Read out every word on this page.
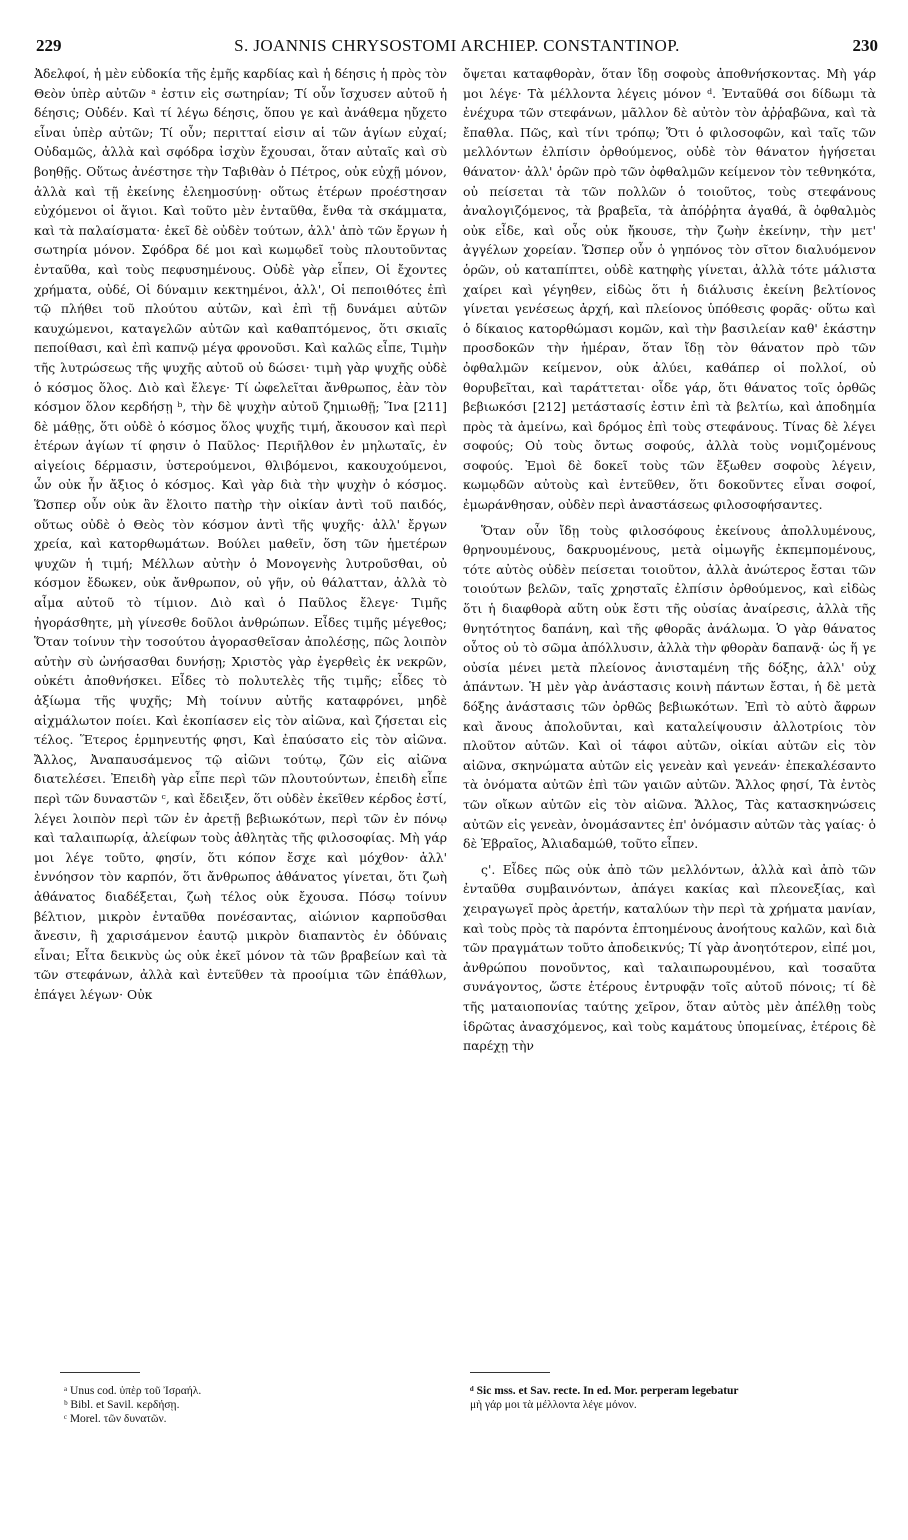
229	S. JOANNIS CHRYSOSTOMI ARCHIEP. CONSTANTINOP.	230

Ἀδελφοί, ἡ μὲν εὐδοκία τῆς ἐμῆς καρδίας καὶ ἡ δέησις ἡ πρὸς τὸν Θεὸν ὑπὲρ αὐτῶν ᵃ ἐστιν εἰς σωτηρίαν; Τί οὖν ἴσχυσεν αὐτοῦ ἡ δέησις; Οὐδέν. Καὶ τί λέγω δέησις, ὅπου γε καὶ ἀνάθεμα ηὔχετο εἶναι ὑπὲρ αὐτῶν; Τί οὖν; περιτταί εἰσιν αἱ τῶν ἁγίων εὐχαί; Οὐδαμῶς, ἀλλὰ καὶ σφόδρα ἰσχὺν ἔχουσαι, ὅταν αὐταῖς καὶ σὺ βοηθῇς. Οὕτως ἀνέστησε τὴν Ταβιθὰν ὁ Πέτρος, οὐκ εὐχῇ μόνον, ἀλλὰ καὶ τῇ ἐκείνης ἐλεημοσύνῃ· οὕτως ἑτέρων προέστησαν εὐχόμενοι οἱ ἅγιοι. Καὶ τοῦτο μὲν ἐνταῦθα, ἔνθα τὰ σκάμματα, καὶ τὰ παλαίσματα· ἐκεῖ δὲ οὐδὲν τούτων, ἀλλ' ἀπὸ τῶν ἔργων ἡ σωτηρία μόνον. Σφόδρα δέ μοι καὶ κωμῳδεῖ τοὺς πλουτοῦντας ἐνταῦθα, καὶ τοὺς πεφυσημένους. Οὐδὲ γὰρ εἶπεν, Οἱ ἔχοντες χρήματα, οὐδέ, Οἱ δύναμιν κεκτημένοι, ἀλλ', Οἱ πεποιθότες ἐπὶ τῷ πλήθει τοῦ πλούτου αὐτῶν, καὶ ἐπὶ τῇ δυνάμει αὐτῶν καυχώμενοι, καταγελῶν αὐτῶν καὶ καθαπτόμενος, ὅτι σκιαῖς πεποίθασι, καὶ ἐπὶ καπνῷ μέγα φρονοῦσι. Καὶ καλῶς εἶπε, Τιμὴν τῆς λυτρώσεως τῆς ψυχῆς αὐτοῦ οὐ δώσει· τιμὴ γὰρ ψυχῆς οὐδὲ ὁ κόσμος ὅλος. Διὸ καὶ ἔλεγε· Τί ὠφελεῖται ἄνθρωπος, ἐὰν τὸν κόσμον ὅλον κερδήσῃ ᵇ, τὴν δὲ ψυχὴν αὐτοῦ ζημιωθῇ; Ἵνα [211] δὲ μάθῃς, ὅτι οὐδὲ ὁ κόσμος ὅλος ψυχῆς τιμή, ἄκουσον καὶ περὶ ἑτέρων ἁγίων τί φησιν ὁ Παῦλος· Περιῆλθον ἐν μηλωταῖς, ἐν αἰγείοις δέρμασιν, ὑστερούμενοι, θλιβόμενοι, κακουχούμενοι, ὧν οὐκ ἦν ἄξιος ὁ κόσμος. Καὶ γὰρ διὰ τὴν ψυχὴν ὁ κόσμος. Ὥσπερ οὖν οὐκ ἂν ἕλοιτο πατὴρ τὴν οἰκίαν ἀντὶ τοῦ παιδός, οὕτως οὐδὲ ὁ Θεὸς τὸν κόσμον ἀντὶ τῆς ψυχῆς· ἀλλ' ἔργων χρεία, καὶ κατορθωμάτων. Βούλει μαθεῖν, ὅση τῶν ἡμετέρων ψυχῶν ἡ τιμή; Μέλλων αὐτὴν ὁ Μονογενὴς λυτροῦσθαι, οὐ κόσμον ἔδωκεν, οὐκ ἄνθρωπον, οὐ γῆν, οὐ θάλατταν, ἀλλὰ τὸ αἷμα αὐτοῦ τὸ τίμιον. Διὸ καὶ ὁ Παῦλος ἔλεγε· Τιμῆς ἠγοράσθητε, μὴ γίνεσθε δοῦλοι ἀνθρώπων. Εἶδες τιμῆς μέγεθος; Ὅταν τοίνυν τὴν τοσούτου ἀγορασθεῖσαν ἀπολέσῃς, πῶς λοιπὸν αὐτὴν σὺ ὠνήσασθαι δυνήσῃ; Χριστὸς γὰρ ἐγερθεὶς ἐκ νεκρῶν, οὐκέτι ἀποθνήσκει. Εἶδες τὸ πολυτελὲς τῆς τιμῆς; εἶδες τὸ ἀξίωμα τῆς ψυχῆς; Μὴ τοίνυν αὐτῆς καταφρόνει, μηδὲ αἰχμάλωτον ποίει. Καὶ ἐκοπίασεν εἰς τὸν αἰῶνα, καὶ ζήσεται εἰς τέλος. Ἕτερος ἑρμηνευτής φησι, Καὶ ἐπαύσατο εἰς τὸν αἰῶνα. Ἄλλος, Ἀναπαυσάμενος τῷ αἰῶνι τούτῳ, ζῶν εἰς αἰῶνα διατελέσει. Ἐπειδὴ γὰρ εἶπε περὶ τῶν πλουτούντων, ἐπειδὴ εἶπε περὶ τῶν δυναστῶν ᶜ, καὶ ἔδειξεν, ὅτι οὐδὲν ἐκεῖθεν κέρδος ἐστί, λέγει λοιπὸν περὶ τῶν ἐν ἀρετῇ βεβιωκότων, περὶ τῶν ἐν πόνῳ καὶ ταλαιπωρίᾳ, ἀλείφων τοὺς ἀθλητὰς τῆς φιλοσοφίας. Μὴ γάρ μοι λέγε τοῦτο, φησίν, ὅτι κόπον ἔσχε καὶ μόχθον· ἀλλ' ἐννόησον τὸν καρπόν, ὅτι ἄνθρωπος ἀθάνατος γίνεται, ὅτι ζωὴ ἀθάνατος διαδέξεται, ζωὴ τέλος οὐκ ἔχουσα. Πόσῳ τοίνυν βέλτιον, μικρὸν ἐνταῦθα πονέσαντας, αἰώνιον καρποῦσθαι ἄνεσιν, ἢ χαρισάμενον ἑαυτῷ μικρὸν διαπαντὸς ἐν ὀδύναις εἶναι; Εἶτα δεικνὺς ὡς οὐκ ἐκεῖ μόνον τὰ τῶν βραβείων καὶ τὰ τῶν στεφάνων, ἀλλὰ καὶ ἐντεῦθεν τὰ προοίμια τῶν ἐπάθλων, ἐπάγει λέγων· Οὐκ

ὄψεται καταφθορὰν, ὅταν ἴδῃ σοφοὺς ἀποθνήσκοντας. Μὴ γάρ μοι λέγε· Τὰ μέλλοντα λέγεις μόνον ᵈ. Ἐνταῦθά σοι δίδωμι τὰ ἐνέχυρα τῶν στεφάνων, μᾶλλον δὲ αὐτὸν τὸν ἀῤῥαβῶνα, καὶ τὰ ἔπαθλα. Πῶς, καὶ τίνι τρόπῳ; Ὅτι ὁ φιλοσοφῶν, καὶ ταῖς τῶν μελλόντων ἐλπίσιν ὀρθούμενος, οὐδὲ τὸν θάνατον ἡγήσεται θάνατον· ἀλλ' ὁρῶν πρὸ τῶν ὀφθαλμῶν κείμενον τὸν τεθνηκότα, οὐ πείσεται τὰ τῶν πολλῶν ὁ τοιοῦτος, τοὺς στεφάνους ἀναλογιζόμενος, τὰ βραβεῖα, τὰ ἀπόῤῥητα ἀγαθά, ἃ ὀφθαλμὸς οὐκ εἶδε, καὶ οὖς οὐκ ἤκουσε, τὴν ζωὴν ἐκείνην, τὴν μετ' ἀγγέλων χορείαν. Ὥσπερ οὖν ὁ γηπόνος τὸν σῖτον διαλυόμενον ὁρῶν, οὐ καταπίπτει, οὐδὲ κατηφὴς γίνεται, ἀλλὰ τότε μάλιστα χαίρει καὶ γέγηθεν, εἰδὼς ὅτι ἡ διάλυσις ἐκείνη βελτίονος γίνεται γενέσεως ἀρχή, καὶ πλείονος ὑπόθεσις φορᾶς· οὕτω καὶ ὁ δίκαιος κατορθώμασι κομῶν, καὶ τὴν βασιλείαν καθ' ἑκάστην προσδοκῶν τὴν ἡμέραν, ὅταν ἴδῃ τὸν θάνατον πρὸ τῶν ὀφθαλμῶν κείμενον, οὐκ ἀλύει, καθάπερ οἱ πολλοί, οὐ θορυβεῖται, καὶ ταράττεται· οἶδε γάρ, ὅτι θάνατος τοῖς ὀρθῶς βεβιωκόσι [212] μετάστασίς ἐστιν ἐπὶ τὰ βελτίω, καὶ ἀποδημία πρὸς τὰ ἀμείνω, καὶ δρόμος ἐπὶ τοὺς στεφάνους. Τίνας δὲ λέγει σοφούς; Οὐ τοὺς ὄντως σοφούς, ἀλλὰ τοὺς νομιζομένους σοφούς. Ἐμοὶ δὲ δοκεῖ τοὺς τῶν ἔξωθεν σοφοὺς λέγειν, κωμῳδῶν αὐτοὺς καὶ ἐντεῦθεν, ὅτι δοκοῦντες εἶναι σοφοί, ἐμωράνθησαν, οὐδὲν περὶ ἀναστάσεως φιλοσοφήσαντες.

Ὅταν οὖν ἴδῃ τοὺς φιλοσόφους ἐκείνους ἀπολλυμένους, θρηνουμένους, δακρυομένους, μετὰ οἰμωγῆς ἐκπεμπομένους, τότε αὐτὸς οὐδὲν πείσεται τοιοῦτον, ἀλλὰ ἀνώτερος ἔσται τῶν τοιούτων βελῶν, ταῖς χρησταῖς ἐλπίσιν ὀρθούμενος, καὶ εἰδὼς ὅτι ἡ διαφθορὰ αὕτη οὐκ ἔστι τῆς οὐσίας ἀναίρεσις, ἀλλὰ τῆς θνητότητος δαπάνη, καὶ τῆς φθορᾶς ἀνάλωμα. Ὁ γὰρ θάνατος οὗτος οὐ τὸ σῶμα ἀπόλλυσιν, ἀλλὰ τὴν φθορὰν δαπανᾷ· ὡς ἥ γε οὐσία μένει μετὰ πλείονος ἀνισταμένη τῆς δόξης, ἀλλ' οὐχ ἁπάντων. Ἡ μὲν γὰρ ἀνάστασις κοινὴ πάντων ἔσται, ἡ δὲ μετὰ δόξης ἀνάστασις τῶν ὀρθῶς βεβιωκότων. Ἐπὶ τὸ αὐτὸ ἄφρων καὶ ἄνους ἀπολοῦνται, καὶ καταλείψουσιν ἀλλοτρίοις τὸν πλοῦτον αὐτῶν. Καὶ οἱ τάφοι αὐτῶν, οἰκίαι αὐτῶν εἰς τὸν αἰῶνα, σκηνώματα αὐτῶν εἰς γενεὰν καὶ γενεάν· ἐπεκαλέσαντο τὰ ὀνόματα αὐτῶν ἐπὶ τῶν γαιῶν αὐτῶν. Ἄλλος φησί, Τὰ ἐντὸς τῶν οἴκων αὐτῶν εἰς τὸν αἰῶνα. Ἄλλος, Τὰς κατασκηνώσεις αὐτῶν εἰς γενεὰν, ὀνομάσαντες ἐπ' ὀνόμασιν αὐτῶν τὰς γαίας· ὁ δὲ Ἑβραῖος, Ἀλιαδαμώθ, τοῦτο εἶπεν.

ς'. Εἶδες πῶς οὐκ ἀπὸ τῶν μελλόντων, ἀλλὰ καὶ ἀπὸ τῶν ἐνταῦθα συμβαινόντων, ἀπάγει κακίας καὶ πλεονεξίας, καὶ χειραγωγεῖ πρὸς ἀρετήν, καταλύων τὴν περὶ τὰ χρήματα μανίαν, καὶ τοὺς πρὸς τὰ παρόντα ἐπτοημένους ἀνοήτους καλῶν, καὶ διὰ τῶν πραγμάτων τοῦτο ἀποδεικνύς; Τί γὰρ ἀνοητότερον, εἰπέ μοι, ἀνθρώπου πονοῦντος, καὶ ταλαιπωρουμένου, καὶ τοσαῦτα συνάγοντος, ὥστε ἑτέρους ἐντρυφᾷν τοῖς αὐτοῦ πόνοις; τί δὲ τῆς ματαιοπονίας ταύτης χεῖρον, ὅταν αὐτὸς μὲν ἀπέλθῃ τοὺς ἱδρῶτας ἀνασχόμενος, καὶ τοὺς καμάτους ὑπομείνας, ἑτέροις δὲ παρέχῃ τὴν

ᵃ Unus cod. ὑπὲρ τοῦ Ἰσραήλ.
ᵇ Bibl. et Savil. κερδήσῃ.
ᶜ Morel. τῶν δυνατῶν.
ᵈ Sic mss. et Sav. recte. In ed. Mor. perperam legebatur
μὴ γάρ μοι τὰ μέλλοντα λέγε μόνον.
